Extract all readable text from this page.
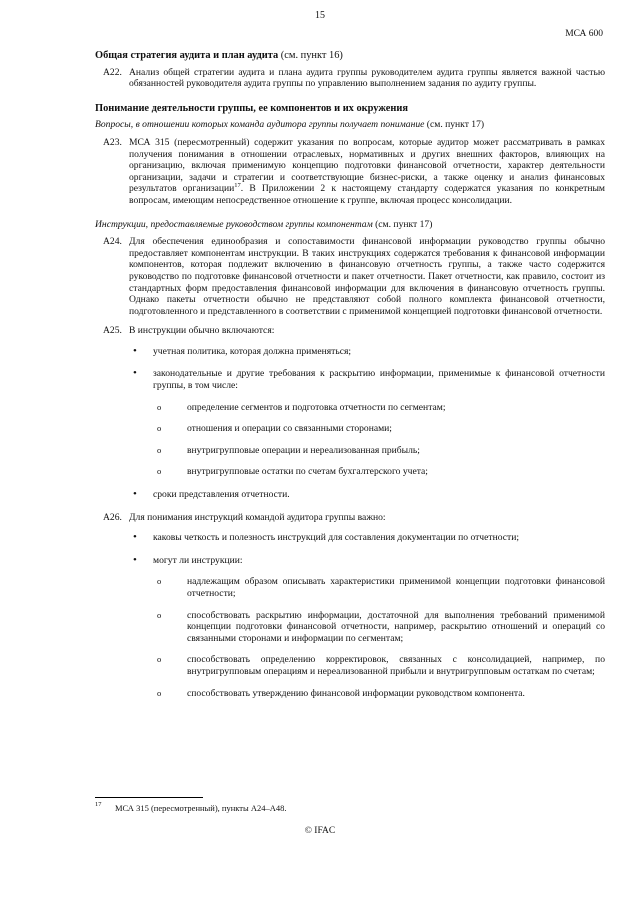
15
МСА 600
Общая стратегия аудита и план аудита (см. пункт 16)
A22. Анализ общей стратегии аудита и плана аудита группы руководителем аудита группы является важной частью обязанностей руководителя аудита группы по управлению выполнением задания по аудиту группы.
Понимание деятельности группы, ее компонентов и их окружения
Вопросы, в отношении которых команда аудитора группы получает понимание (см. пункт 17)
A23. МСА 315 (пересмотренный) содержит указания по вопросам, которые аудитор может рассматривать в рамках получения понимания в отношении отраслевых, нормативных и других внешних факторов, влияющих на организацию, включая применимую концепцию подготовки финансовой отчетности, характер деятельности организации, задачи и стратегии и соответствующие бизнес-риски, а также оценку и анализ финансовых результатов организации$^{17}$. В Приложении 2 к настоящему стандарту содержатся указания по конкретным вопросам, имеющим непосредственное отношение к группе, включая процесс консолидации.
Инструкции, предоставляемые руководством группы компонентам (см. пункт 17)
A24. Для обеспечения единообразия и сопоставимости финансовой информации руководство группы обычно предоставляет компонентам инструкции. В таких инструкциях содержатся требования к финансовой информации компонентов, которая подлежит включению в финансовую отчетность группы, а также часто содержится руководство по подготовке финансовой отчетности и пакет отчетности. Пакет отчетности, как правило, состоит из стандартных форм предоставления финансовой информации для включения в финансовую отчетность группы. Однако пакеты отчетности обычно не представляют собой полного комплекта финансовой отчетности, подготовленного и представленного в соответствии с применимой концепцией подготовки финансовой отчетности.
A25. В инструкции обычно включаются:
• учетная политика, которая должна применяться;
• законодательные и другие требования к раскрытию информации, применимые к финансовой отчетности группы, в том числе:
o определение сегментов и подготовка отчетности по сегментам;
o отношения и операции со связанными сторонами;
o внутригрупповые операции и нереализованная прибыль;
o внутригрупповые остатки по счетам бухгалтерского учета;
• сроки представления отчетности.
A26. Для понимания инструкций командой аудитора группы важно:
• каковы четкость и полезность инструкций для составления документации по отчетности;
• могут ли инструкции:
o надлежащим образом описывать характеристики применимой концепции подготовки финансовой отчетности;
o способствовать раскрытию информации, достаточной для выполнения требований применимой концепции подготовки финансовой отчетности, например, раскрытию отношений и операций со связанными сторонами и информации по сегментам;
o способствовать определению корректировок, связанных с консолидацией, например, по внутригрупповым операциям и нереализованной прибыли и внутригрупповым остаткам по счетам;
o способствовать утверждению финансовой информации руководством компонента.
17 МСА 315 (пересмотренный), пункты A24–A48.
© IFAC
